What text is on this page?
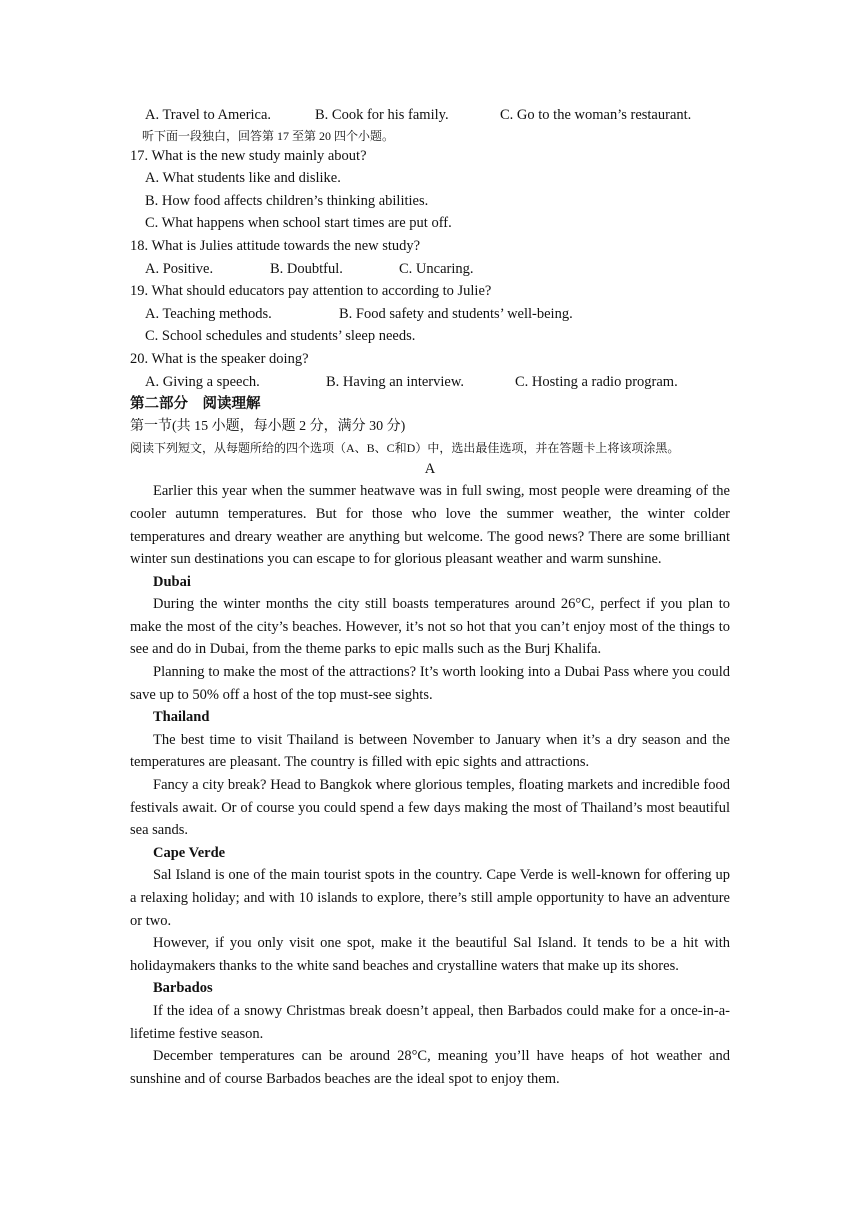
A. Travel to America.	B. Cook for his family.	C. Go to the woman’s restaurant.
听下面一段独白，回答第 17 至第 20 四个小题。
17. What is the new study mainly about?
A. What students like and dislike.
B. How food affects children’s thinking abilities.
C. What happens when school start times are put off.
18. What is Julies attitude towards the new study?
A. Positive.	B. Doubtful.	C. Uncaring.
19. What should educators pay attention to according to Julie?
A. Teaching methods.	B. Food safety and students’ well-being.
C. School schedules and students’ sleep needs.
20. What is the speaker doing?
A. Giving a speech.	B. Having an interview.	C. Hosting a radio program.
第二部分　阅读理解
第一节(共 15 小题，每小题 2 分，满分 30 分)
阅读下列短文，从每题所给的四个选项（A、B、C和D）中，选出最佳选项，并在答题卡上将该项涂黑。
A

Earlier this year when the summer heatwave was in full swing, most people were dreaming of the cooler autumn temperatures. But for those who love the summer weather, the winter colder temperatures and dreary weather are anything but welcome. The good news? There are some brilliant winter sun destinations you can escape to for glorious pleasant weather and warm sunshine.

Dubai

During the winter months the city still boasts temperatures around 26°C, perfect if you plan to make the most of the city’s beaches. However, it’s not so hot that you can’t enjoy most of the things to see and do in Dubai, from the theme parks to epic malls such as the Burj Khalifa.

Planning to make the most of the attractions? It’s worth looking into a Dubai Pass where you could save up to 50% off a host of the top must-see sights.

Thailand

The best time to visit Thailand is between November to January when it’s a dry season and the temperatures are pleasant. The country is filled with epic sights and attractions.

Fancy a city break? Head to Bangkok where glorious temples, floating markets and incredible food festivals await. Or of course you could spend a few days making the most of Thailand’s most beautiful sea sands.

Cape Verde

Sal Island is one of the main tourist spots in the country. Cape Verde is well-known for offering up a relaxing holiday; and with 10 islands to explore, there’s still ample opportunity to have an adventure or two.

However, if you only visit one spot, make it the beautiful Sal Island. It tends to be a hit with holidaymakers thanks to the white sand beaches and crystalline waters that make up its shores.

Barbados

If the idea of a snowy Christmas break doesn’t appeal, then Barbados could make for a once-in-a-lifetime festive season.

December temperatures can be around 28°C, meaning you’ll have heaps of hot weather and sunshine and of course Barbados beaches are the ideal spot to enjoy them.
